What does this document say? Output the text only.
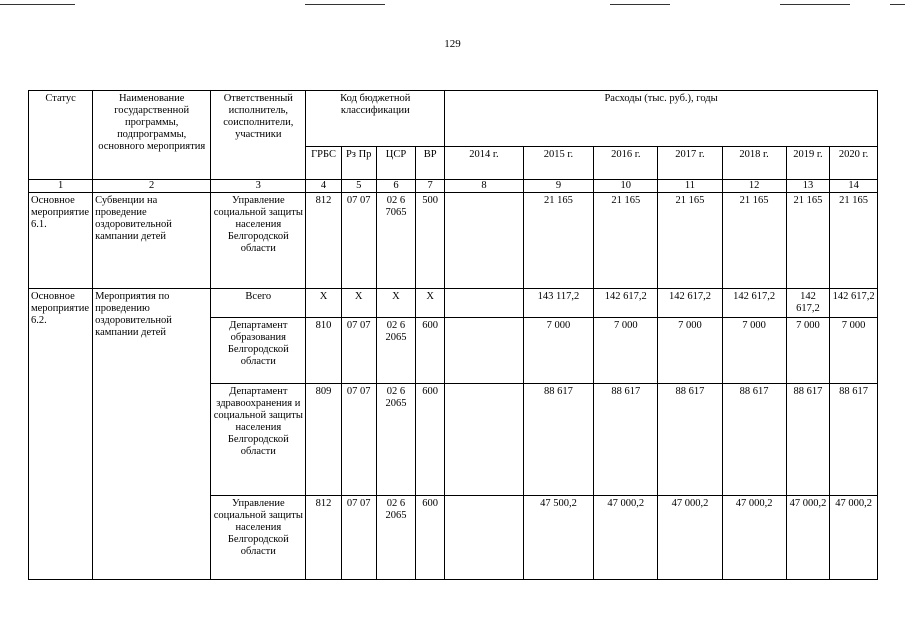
129
Статус	Наименование государственной программы, подпрограммы, основного мероприятия	Ответственный исполнитель, соисполнители, участники	Код бюджетной классификации				Расходы (тыс. руб.), годы						
			ГРБС	Рз Пр	ЦСР	ВР	2014 г.	2015 г.	2016 г.	2017 г.	2018 г.	2019 г.	2020 г.
1	2	3	4	5	6	7	8	9	10	11	12	13	14
Основное мероприятие 6.1.	Субвенции на проведение оздоровительной кампании детей	Управление социальной защиты населения Белгородской области	812	07 07	02 6 7065	500		21 165	21 165	21 165	21 165	21 165	21 165
Основное мероприятие 6.2.	Мероприятия по проведению оздоровительной кампании детей	Всего	Х	Х	Х	Х		143 117,2	142 617,2	142 617,2	142 617,2	142 617,2	142 617,2
		Департамент образования Белгородской области	810	07 07	02 6 2065	600		7 000	7 000	7 000	7 000	7 000	7 000
		Департамент здравоохранения и социальной защиты населения Белгородской области	809	07 07	02 6 2065	600		88 617	88 617	88 617	88 617	88 617	88 617
		Управление социальной защиты населения Белгородской области	812	07 07	02 6 2065	600		47 500,2	47 000,2	47 000,2	47 000,2	47 000,2	47 000,2
